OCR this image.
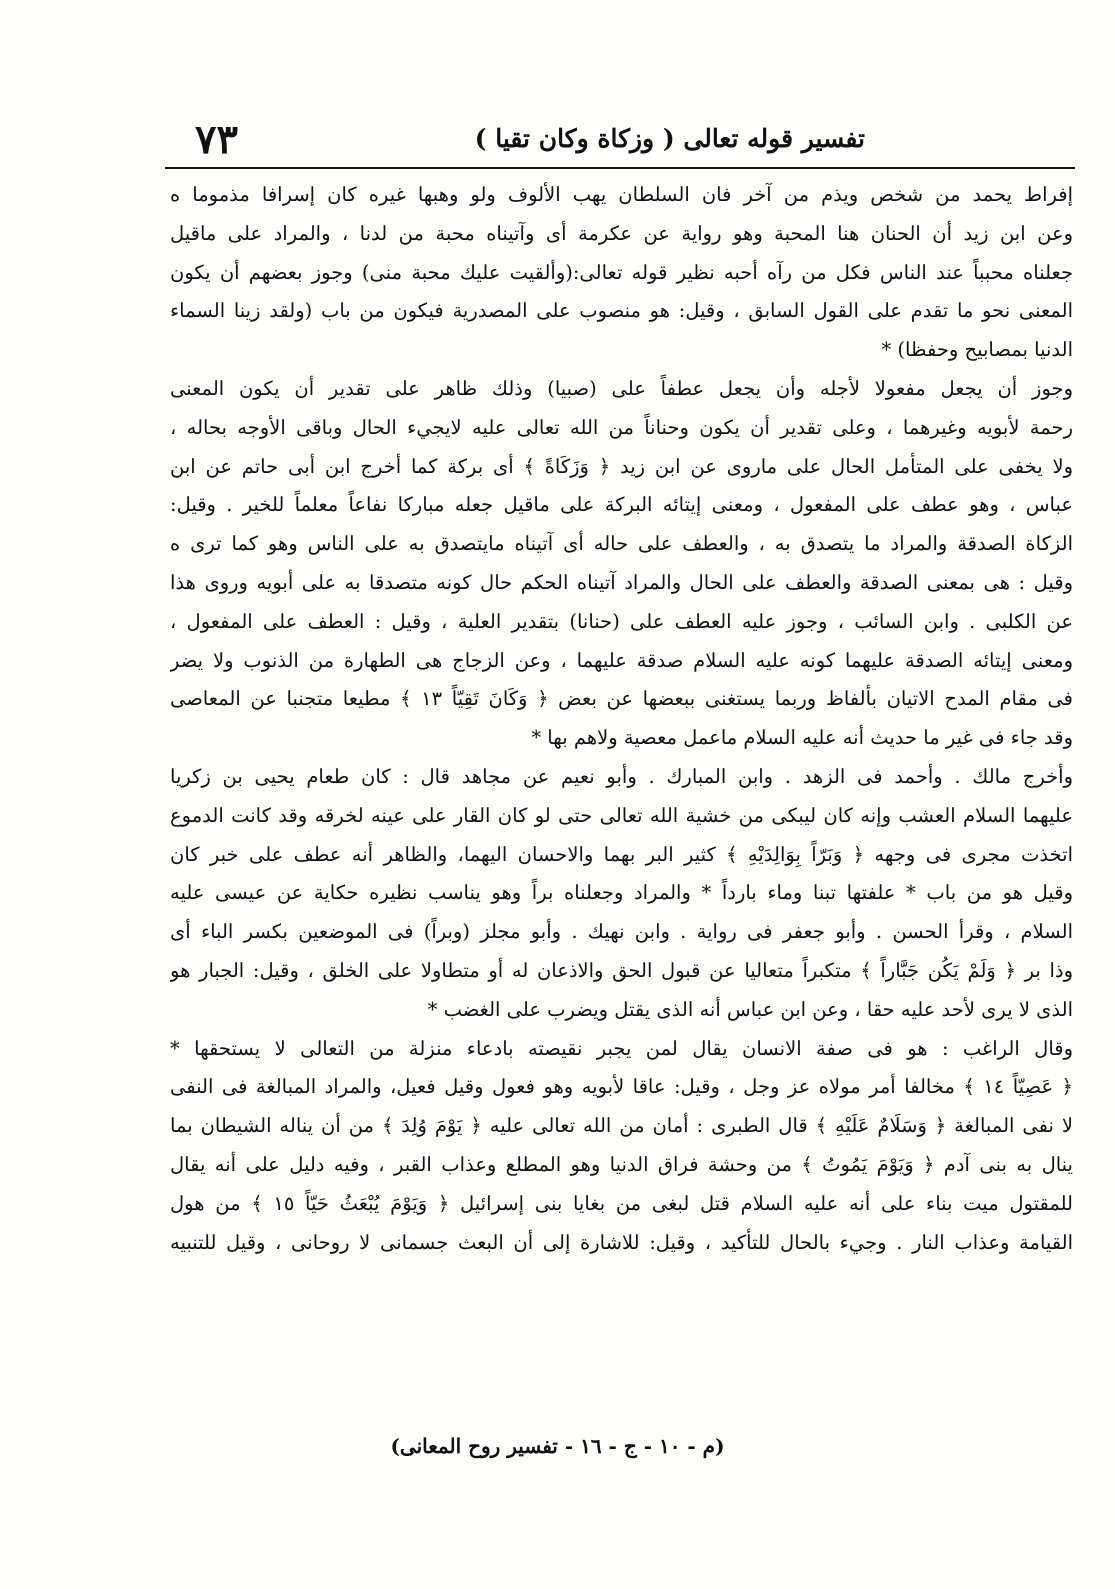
تفسير قوله تعالى ( وزكاة وكان تقيا )
٧٣
إفراط يحمد من شخص ويذم من آخر فان السلطان يهب الألوف ولو وهبها غيره كان إسرافا مذموما ه
وعن ابن زيد أن الحنان هنا المحبة وهو رواية عن عكرمة أى وآتيناه محبة من لدنا ، والمراد على ماقيل
جعلناه محبباً عند الناس فكل من رآه أحبه نظير قوله تعالى:(وألقيت عليك محبة منى) وجوز بعضهم أن يكون
المعنى نحو ما تقدم على القول السابق ، وقيل: هو منصوب على المصدرية فيكون من باب (ولقد زينا السماء
الدنيا بمصابيح وحفظا) *
وجوز أن يجعل مفعولا لأجله وأن يجعل عطفاً على (صبيا) وذلك ظاهر على تقدير أن يكون المعنى
رحمة لأبويه وغيرهما ، وعلى تقدير أن يكون وحناناً من الله تعالى عليه لايجيء الحال وباقى الأوجه بحاله ،
ولا يخفى على المتأمل الحال على ماروى عن ابن زيد ﴿ وَزَكَاةً ﴾ أى بركة كما أخرج ابن أبى حاتم عن ابن
عباس ، وهو عطف على المفعول ، ومعنى إيتائه البركة على ماقيل جعله مباركا نفاعاً معلماً للخير . وقيل:
الزكاة الصدقة والمراد ما يتصدق به ، والعطف على حاله أى آتيناه مايتصدق به على الناس وهو كما ترى ه
وقيل : هى بمعنى الصدقة والعطف على الحال والمراد آتيناه الحكم حال كونه متصدقا به على أبويه وروى هذا
عن الكلبى . وابن السائب ، وجوز عليه العطف على (حنانا) بتقدير العلية ، وقيل : العطف على المفعول ،
ومعنى إيتائه الصدقة عليهما كونه عليه السلام صدقة عليهما ، وعن الزجاج هى الطهارة من الذنوب ولا يضر
فى مقام المدح الاتيان بألفاظ وربما يستغنى ببعضها عن بعض ﴿ وَكَانَ تَقِيّاً ١٣ ﴾ مطيعا متجنبا عن المعاصى
وقد جاء فى غير ما حديث أنه عليه السلام ماعمل معصية ولاهم بها *
وأخرج مالك . وأحمد فى الزهد . وابن المبارك . وأبو نعيم عن مجاهد قال : كان طعام يحيى بن زكريا
عليهما السلام العشب وإنه كان ليبكى من خشية الله تعالى حتى لو كان القار على عينه لخرقه وقد كانت الدموع
اتخذت مجرى فى وجهه ﴿ وَبَرّاً بِوَالِدَيْهِ ﴾ كثير البر بهما والاحسان اليهما، والظاهر أنه عطف على خبر كان
وقيل هو من باب * علفتها تبنا وماء بارداً * والمراد وجعلناه براً وهو يناسب نظيره حكاية عن عيسى عليه
السلام ، وقرأ الحسن . وأبو جعفر فى رواية . وابن نهيك . وأبو مجلز (وبراً) فى الموضعين بكسر الباء أى
وذا بر ﴿ وَلَمْ يَكُن جَبَّاراً ﴾ متكبراً متعاليا عن قبول الحق والاذعان له أو متطاولا على الخلق ، وقيل: الجبار هو
الذى لا يرى لأحد عليه حقا ، وعن ابن عباس أنه الذى يقتل ويضرب على الغضب *
وقال الراغب : هو فى صفة الانسان يقال لمن يجبر نقيصته بادعاء منزلة من التعالى لا يستحقها *
﴿ عَصِيّاً ١٤ ﴾ مخالفا أمر مولاه عز وجل ، وقيل: عاقا لأبويه وهو فعول وقيل فعيل، والمراد المبالغة فى النفى
لا نفى المبالغة ﴿ وَسَلَامٌ عَلَيْهِ ﴾ قال الطبرى : أمان من الله تعالى عليه ﴿ يَوْمَ وُلِدَ ﴾ من أن يناله الشيطان بما
ينال به بنى آدم ﴿ وَيَوْمَ يَمُوتُ ﴾ من وحشة فراق الدنيا وهو المطلع وعذاب القبر ، وفيه دليل على أنه يقال
للمقتول ميت بناء على أنه عليه السلام قتل لبغى من بغايا بنى إسرائيل ﴿ وَيَوْمَ يُبْعَثُ حَيّاً ١٥ ﴾ من هول
القيامة وعذاب النار . وجيء بالحال للتأكيد ، وقيل: للاشارة إلى أن البعث جسمانى لا روحانى ، وقيل للتنبيه
(م - ١٠ - ج - ١٦ - تفسير روح المعانى)
